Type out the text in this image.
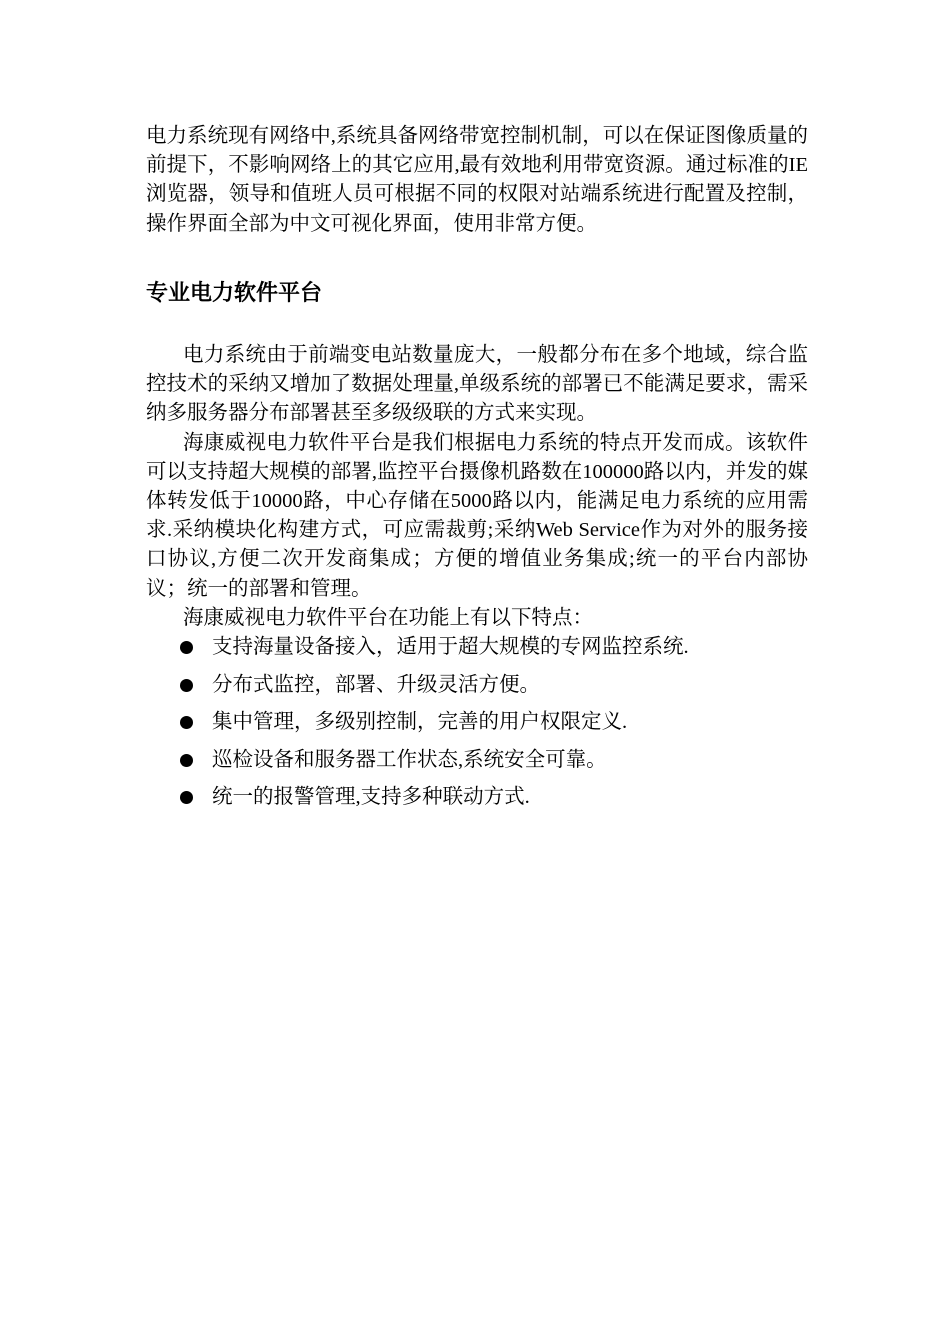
电力系统现有网络中,系统具备网络带宽控制机制，可以在保证图像质量的前提下，不影响网络上的其它应用,最有效地利用带宽资源。通过标准的IE浏览器，领导和值班人员可根据不同的权限对站端系统进行配置及控制，操作界面全部为中文可视化界面，使用非常方便。

专业电力软件平台

电力系统由于前端变电站数量庞大，一般都分布在多个地域，综合监控技术的采纳又增加了数据处理量,单级系统的部署已不能满足要求，需采纳多服务器分布部署甚至多级级联的方式来实现。

海康威视电力软件平台是我们根据电力系统的特点开发而成。该软件可以支持超大规模的部署,监控平台摄像机路数在100000路以内，并发的媒体转发低于10000路，中心存储在5000路以内，能满足电力系统的应用需求.采纳模块化构建方式，可应需裁剪;采纳Web Service作为对外的服务接口协议,方便二次开发商集成；方便的增值业务集成;统一的平台内部协议；统一的部署和管理。

海康威视电力软件平台在功能上有以下特点：

支持海量设备接入，适用于超大规模的专网监控系统.
分布式监控，部署、升级灵活方便。
集中管理，多级别控制，完善的用户权限定义.
巡检设备和服务器工作状态,系统安全可靠。
统一的报警管理,支持多种联动方式.
